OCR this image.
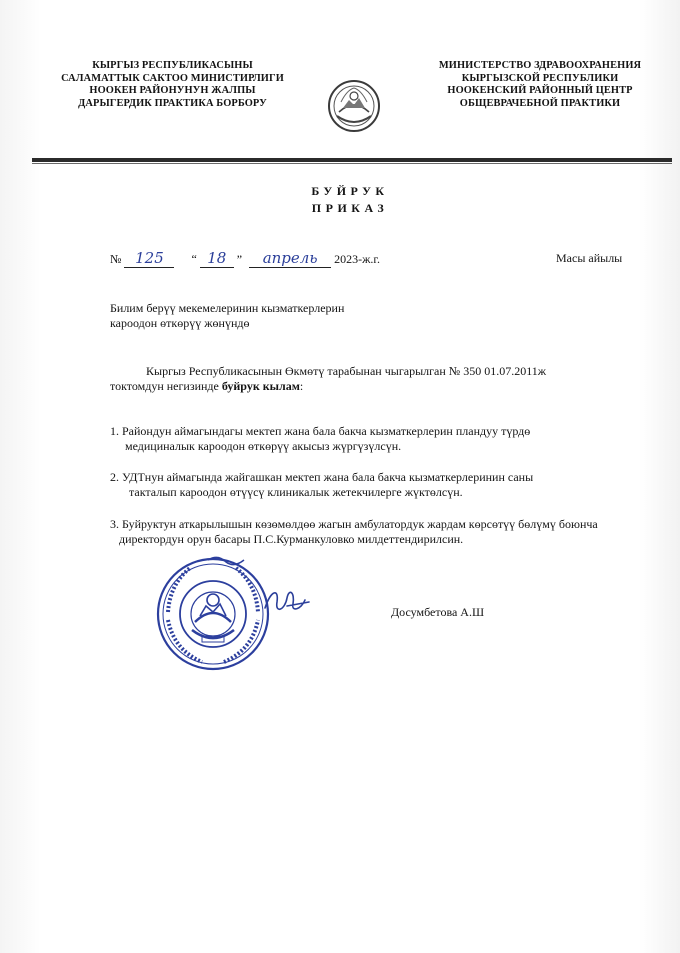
КЫРГЫЗ РЕСПУБЛИКАСЫНЫ
САЛАМАТТЫК САКТОО МИНИСТИРЛИГИ
НООКЕН РАЙОНУНУН ЖАЛПЫ
ДАРЫГЕРДИК ПРАКТИКА БОРБОРУ
МИНИСТЕРСТВО ЗДРАВООХРАНЕНИЯ
КЫРГЫЗСКОЙ РЕСПУБЛИКИ
НООКЕНСКИЙ РАЙОННЫЙ ЦЕНТР
ОБЩЕВРАЧЕБНОЙ ПРАКТИКИ
БУЙРУК
ПРИКАЗ
№ 125 “ 18 ” апрель 2023-ж.г.	Масы айылы
Билим берүү мекемелеринин кызматкерлерин
кароодон өткөрүү жөнүндө
Кыргыз Республикасынын Өкмөтү тарабынан чыгарылган № 350 01.07.2011ж
токтомдун негизинде буйрук кылам:
1. Райондун аймагындагы мектеп жана бала бакча кызматкерлерин пландуу түрдө
медициналык кароодон өткөрүү акысыз жүргүзүлсүн.
2. УДТнун аймагында жайгашкан мектеп жана бала бакча кызматкерлеринин саны
такталып кароодон өтүүсү клиникалык жетекчилерге жүктөлсүн.
3. Буйруктун аткарылышын көзөмөлдөө жагын амбулатордук жардам көрсөтүү бөлүмү боюнча
директордун орун басары П.С.Курманкуловко милдеттендирилсин.
Досумбетова А.Ш
